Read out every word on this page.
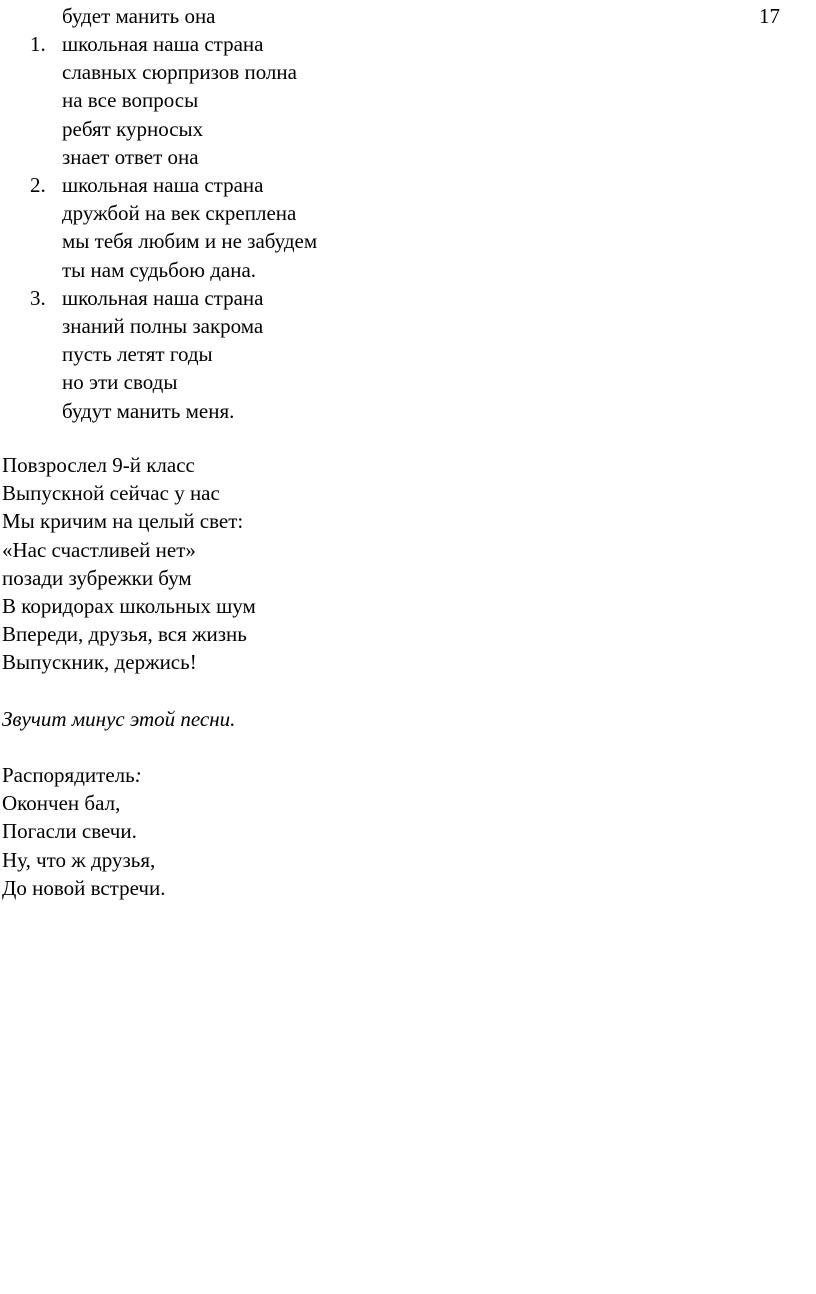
17
будет манить она
1. школьная наша страна
славных сюрпризов полна
на все вопросы
ребят курносых
знает ответ она
2. школьная наша страна
дружбой на век скреплена
мы тебя любим и не забудем
ты нам судьбою дана.
3. школьная наша страна
знаний полны закрома
пусть летят годы
но эти своды
будут манить меня.
Повзрослел 9-й класс
Выпускной сейчас у нас
Мы кричим на целый свет:
«Нас счастливей нет»
позади зубрежки бум
В коридорах школьных шум
Впереди, друзья, вся жизнь
Выпускник, держись!
Звучит минус этой песни.
Распорядитель:
Окончен бал,
Погасли свечи.
Ну, что ж друзья,
До новой встречи.
